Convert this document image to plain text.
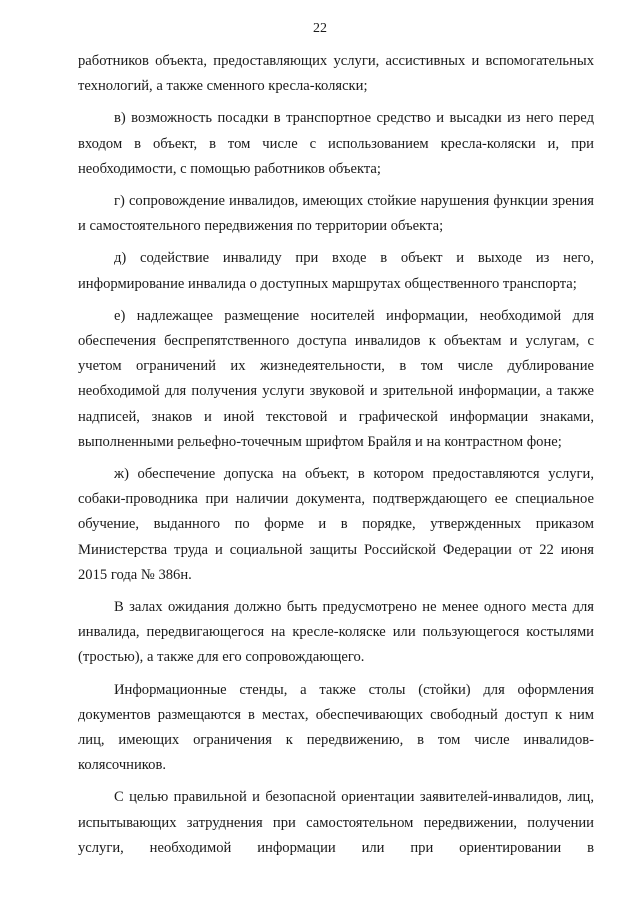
22

работников объекта, предоставляющих услуги, ассистивных и вспомогательных технологий, а также сменного кресла-коляски;

в) возможность посадки в транспортное средство и высадки из него перед входом в объект, в том числе с использованием кресла-коляски и, при необходимости, с помощью работников объекта;

г) сопровождение инвалидов, имеющих стойкие нарушения функции зрения и самостоятельного передвижения по территории объекта;

д) содействие инвалиду при входе в объект и выходе из него, информирование инвалида о доступных маршрутах общественного транспорта;

е) надлежащее размещение носителей информации, необходимой для обеспечения беспрепятственного доступа инвалидов к объектам и услугам, с учетом ограничений их жизнедеятельности, в том числе дублирование необходимой для получения услуги звуковой и зрительной информации, а также надписей, знаков и иной текстовой и графической информации знаками, выполненными рельефно-точечным шрифтом Брайля и на контрастном фоне;

ж) обеспечение допуска на объект, в котором предоставляются услуги, собаки-проводника при наличии документа, подтверждающего ее специальное обучение, выданного по форме и в порядке, утвержденных приказом Министерства труда и социальной защиты Российской Федерации от 22 июня 2015 года № 386н.

В залах ожидания должно быть предусмотрено не менее одного места для инвалида, передвигающегося на кресле-коляске или пользующегося костылями (тростью), а также для его сопровождающего.

Информационные стенды, а также столы (стойки) для оформления документов размещаются в местах, обеспечивающих свободный доступ к ним лиц, имеющих ограничения к передвижению, в том числе инвалидов-колясочников.

С целью правильной и безопасной ориентации заявителей-инвалидов, лиц, испытывающих затруднения при самостоятельном передвижении, получении услуги, необходимой информации или при ориентировании в
